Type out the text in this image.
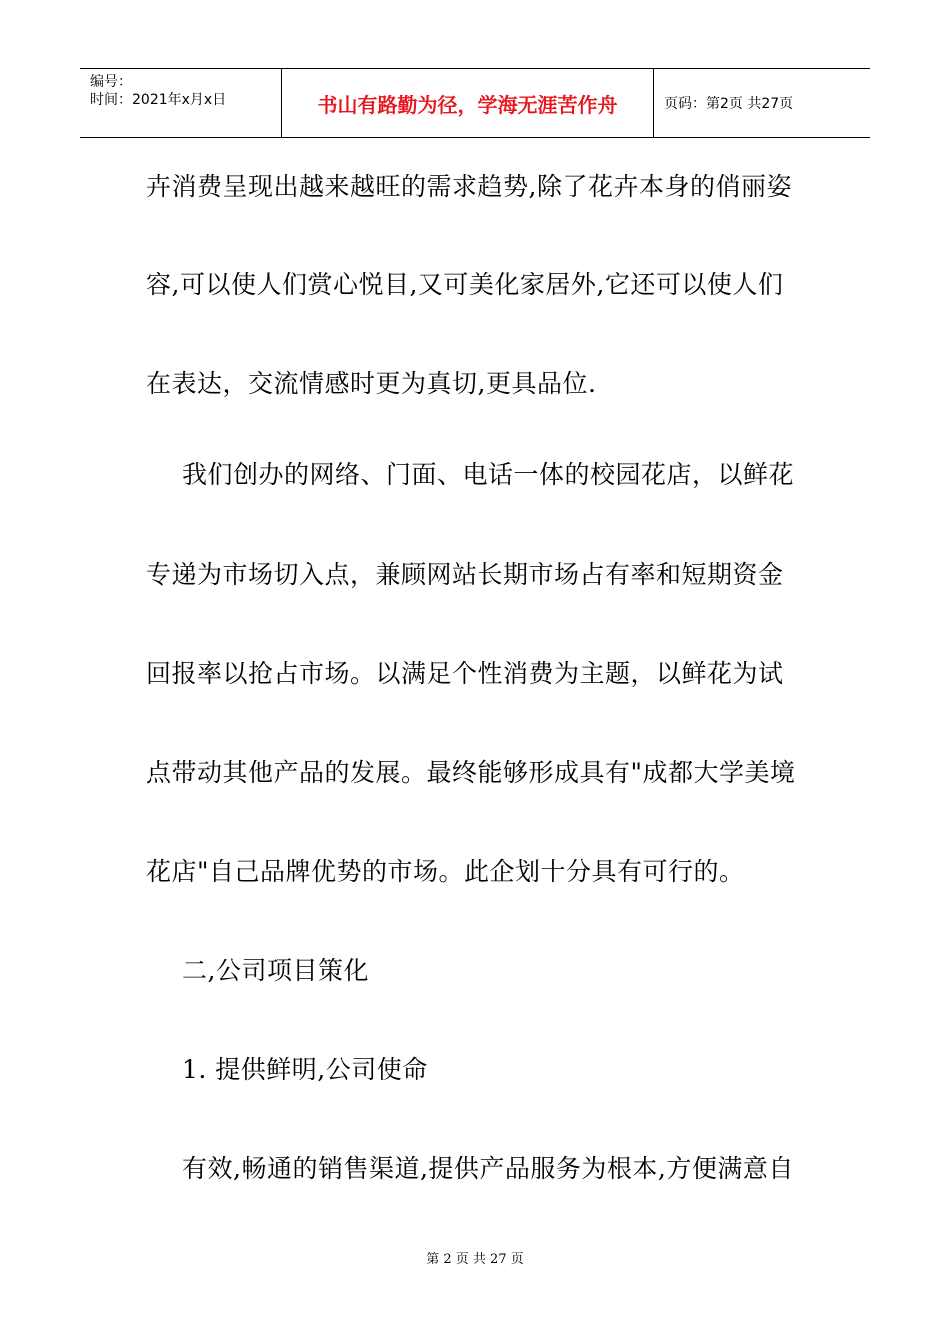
编号：
时间：2021年x月x日	书山有路勤为径，学海无涯苦作舟	页码：第2页 共27页
卉消费呈现出越来越旺的需求趋势,除了花卉本身的俏丽姿
容,可以使人们赏心悦目,又可美化家居外,它还可以使人们
在表达，交流情感时更为真切,更具品位.
我们创办的网络、门面、电话一体的校园花店，以鲜花
专递为市场切入点，兼顾网站长期市场占有率和短期资金
回报率以抢占市场。以满足个性消费为主题，以鲜花为试
点带动其他产品的发展。最终能够形成具有"成都大学美境
花店"自己品牌优势的市场。此企划十分具有可行的。
二,公司项目策化
1. 提供鲜明,公司使命
有效,畅通的销售渠道,提供产品服务为根本,方便满意自
第 2 页 共 27 页
